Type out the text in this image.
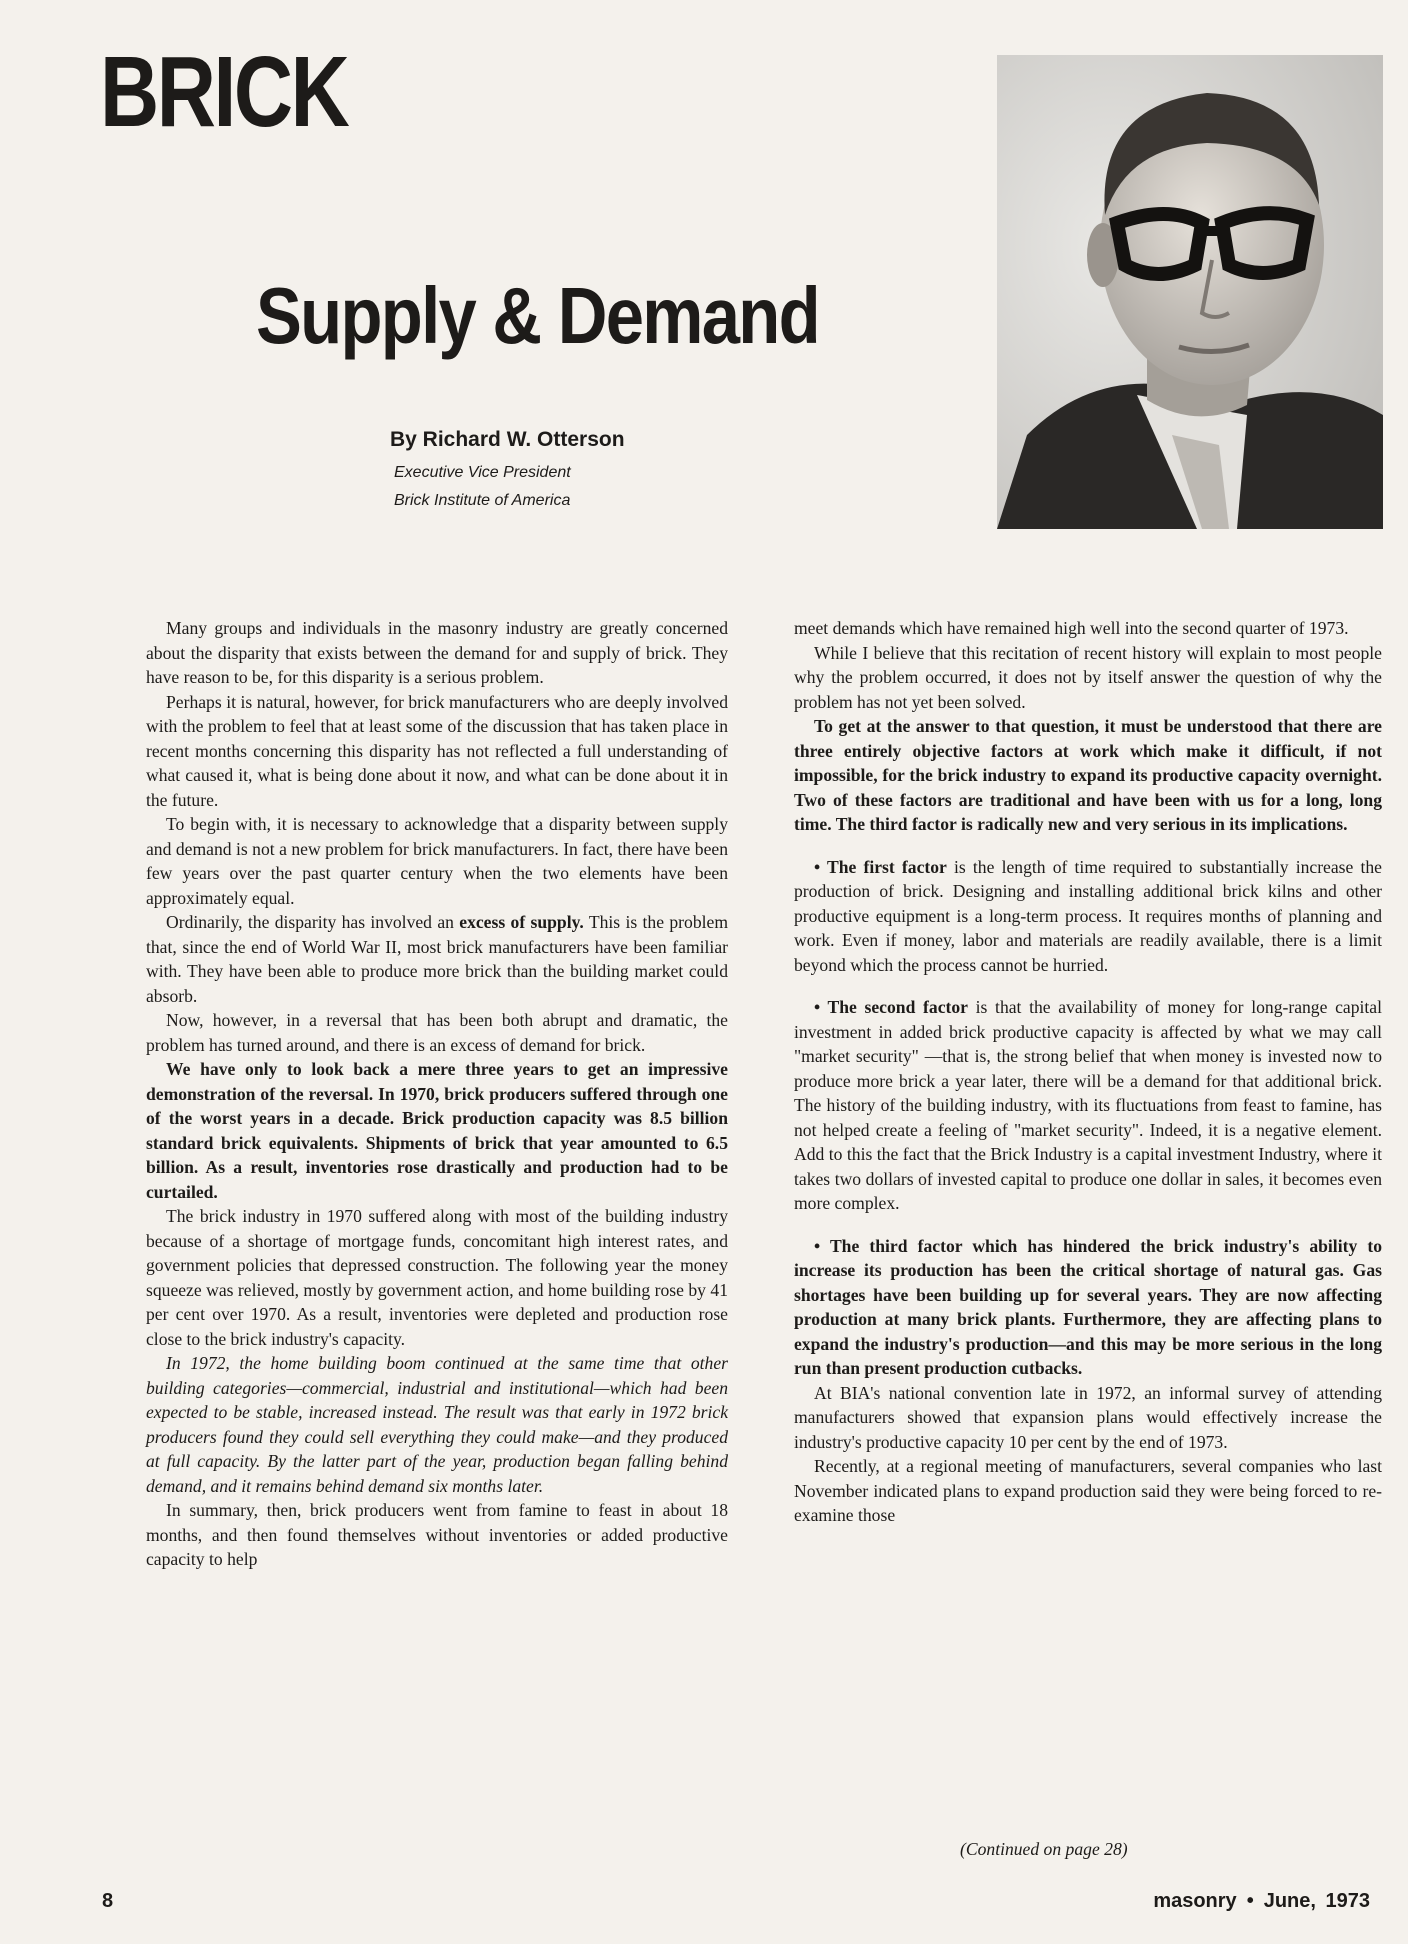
BRICK
Supply & Demand
By Richard W. Otterson
Executive Vice President
Brick Institute of America

Many groups and individuals in the masonry industry are greatly concerned about the disparity that exists between the demand for and supply of brick. They have reason to be, for this disparity is a serious problem.

Perhaps it is natural, however, for brick manufacturers who are deeply involved with the problem to feel that at least some of the discussion that has taken place in recent months concerning this disparity has not reflected a full understanding of what caused it, what is being done about it now, and what can be done about it in the future.

To begin with, it is necessary to acknowledge that a disparity between supply and demand is not a new problem for brick manufacturers. In fact, there have been few years over the past quarter century when the two elements have been approximately equal.

Ordinarily, the disparity has involved an excess of supply. This is the problem that, since the end of World War II, most brick manufacturers have been familiar with. They have been able to produce more brick than the building market could absorb.

Now, however, in a reversal that has been both abrupt and dramatic, the problem has turned around, and there is an excess of demand for brick.

We have only to look back a mere three years to get an impressive demonstration of the reversal. In 1970, brick producers suffered through one of the worst years in a decade. Brick production capacity was 8.5 billion standard brick equivalents. Shipments of brick that year amounted to 6.5 billion. As a result, inventories rose drastically and production had to be curtailed.

The brick industry in 1970 suffered along with most of the building industry because of a shortage of mortgage funds, concomitant high interest rates, and government policies that depressed construction. The following year the money squeeze was relieved, mostly by government action, and home building rose by 41 per cent over 1970. As a result, inventories were depleted and production rose close to the brick industry's capacity.

In 1972, the home building boom continued at the same time that other building categories—commercial, industrial and institutional—which had been expected to be stable, increased instead. The result was that early in 1972 brick producers found they could sell everything they could make—and they produced at full capacity. By the latter part of the year, production began falling behind demand, and it remains behind demand six months later.

In summary, then, brick producers went from famine to feast in about 18 months, and then found themselves without inventories or added productive capacity to help

meet demands which have remained high well into the second quarter of 1973.

While I believe that this recitation of recent history will explain to most people why the problem occurred, it does not by itself answer the question of why the problem has not yet been solved.

To get at the answer to that question, it must be understood that there are three entirely objective factors at work which make it difficult, if not impossible, for the brick industry to expand its productive capacity overnight. Two of these factors are traditional and have been with us for a long, long time. The third factor is radically new and very serious in its implications.

• The first factor is the length of time required to substantially increase the production of brick. Designing and installing additional brick kilns and other productive equipment is a long-term process. It requires months of planning and work. Even if money, labor and materials are readily available, there is a limit beyond which the process cannot be hurried.

• The second factor is that the availability of money for long-range capital investment in added brick productive capacity is affected by what we may call "market security" —that is, the strong belief that when money is invested now to produce more brick a year later, there will be a demand for that additional brick. The history of the building industry, with its fluctuations from feast to famine, has not helped create a feeling of "market security". Indeed, it is a negative element. Add to this the fact that the Brick Industry is a capital investment Industry, where it takes two dollars of invested capital to produce one dollar in sales, it becomes even more complex.

• The third factor which has hindered the brick industry's ability to increase its production has been the critical shortage of natural gas. Gas shortages have been building up for several years. They are now affecting production at many brick plants. Furthermore, they are affecting plans to expand the industry's production—and this may be more serious in the long run than present production cutbacks.

At BIA's national convention late in 1972, an informal survey of attending manufacturers showed that expansion plans would effectively increase the industry's productive capacity 10 per cent by the end of 1973.

Recently, at a regional meeting of manufacturers, several companies who last November indicated plans to expand production said they were being forced to re-examine those

(Continued on page 28)
8	masonry • June, 1973
